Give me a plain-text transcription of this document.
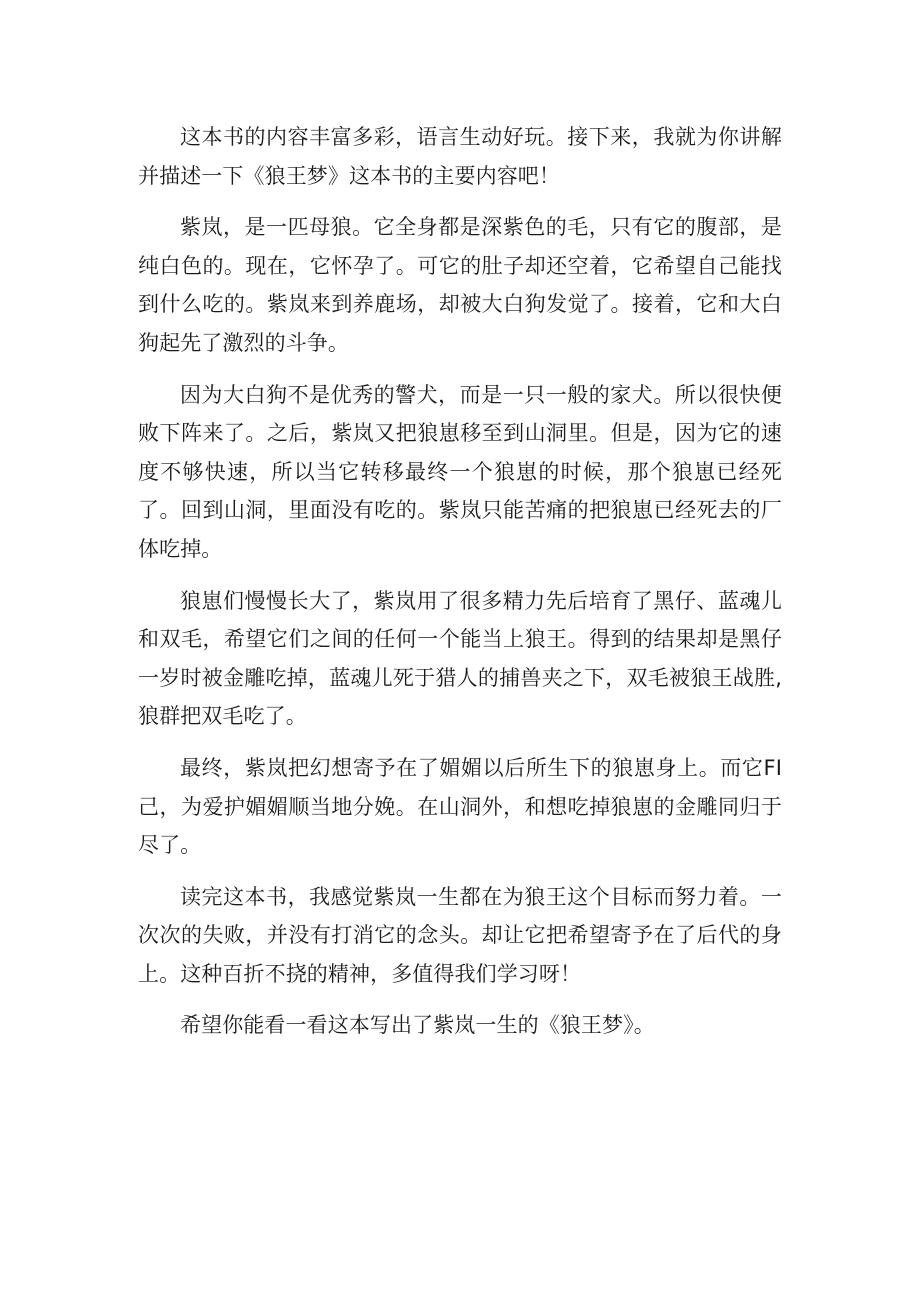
这本书的内容丰富多彩，语言生动好玩。接下来，我就为你讲解并描述一下《狼王梦》这本书的主要内容吧！

紫岚，是一匹母狼。它全身都是深紫色的毛，只有它的腹部，是纯白色的。现在，它怀孕了。可它的肚子却还空着，它希望自己能找到什么吃的。紫岚来到养鹿场，却被大白狗发觉了。接着，它和大白狗起先了激烈的斗争。

因为大白狗不是优秀的警犬，而是一只一般的家犬。所以很快便败下阵来了。之后，紫岚又把狼崽移至到山洞里。但是，因为它的速度不够快速，所以当它转移最终一个狼崽的时候，那个狼崽已经死了。回到山洞，里面没有吃的。紫岚只能苦痛的把狼崽已经死去的厂体吃掉。

狼崽们慢慢长大了，紫岚用了很多精力先后培育了黑仔、蓝魂儿和双毛，希望它们之间的任何一个能当上狼王。得到的结果却是黑仔一岁时被金雕吃掉，蓝魂儿死于猎人的捕兽夹之下，双毛被狼王战胜,狼群把双毛吃了。

最终，紫岚把幻想寄予在了媚媚以后所生下的狼崽身上。而它FI己，为爱护媚媚顺当地分娩。在山洞外，和想吃掉狼崽的金雕同归于尽了。

读完这本书，我感觉紫岚一生都在为狼王这个目标而努力着。一次次的失败，并没有打消它的念头。却让它把希望寄予在了后代的身上。这种百折不挠的精神，多值得我们学习呀！

希望你能看一看这本写出了紫岚一生的《狼王梦》。
